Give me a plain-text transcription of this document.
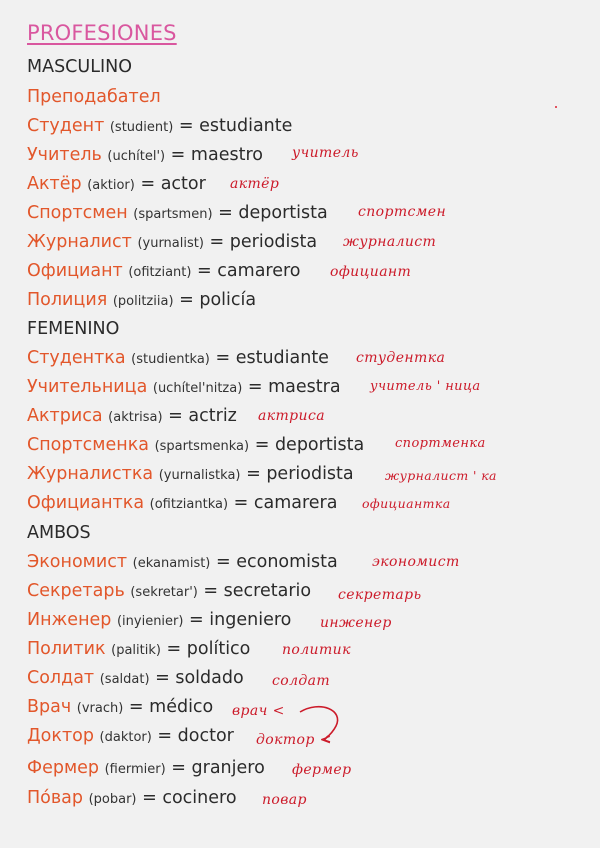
PROFESIONES
MASCULINO
Преподабател
Студент (studient) = estudiante
Учитель (uchítel') = maestro учитель
Актёр (aktior) = actor актёр
Спортсмен (spartsmen) = deportista спортсмен
Журналист (yurnalist) = periodista журналист
Официант (ofitziant) = camarero официант
Полиция (politziia) = policía
FEMENINO
Студентка (studientka) = estudiante студентка
Учительница (uchítel'nitza) = maestra учитель ' ница
Актриса (aktrisa) = actriz актриса
Спортсменка (spartsmenka) = deportista спортменка
Журналистка (yurnalistka) = periodista	журналист ' ка
Официантка (ofitziantka) = camarera официантка
AMBOS
Экономист (ekanamist) = economista экономист
Секретарь (sekretar') = secretario секретарь
Инженер (inyienier) = ingeniero инженер
Политик (palitik) = político политик
Солдат (saldat) = soldado солдат
Врач (vrach) = médico врач <
Доктор (daktor) = doctor доктор <
Фермер (fiermier) = granjero фермер
По́вар (pobar) = cocinero повар
